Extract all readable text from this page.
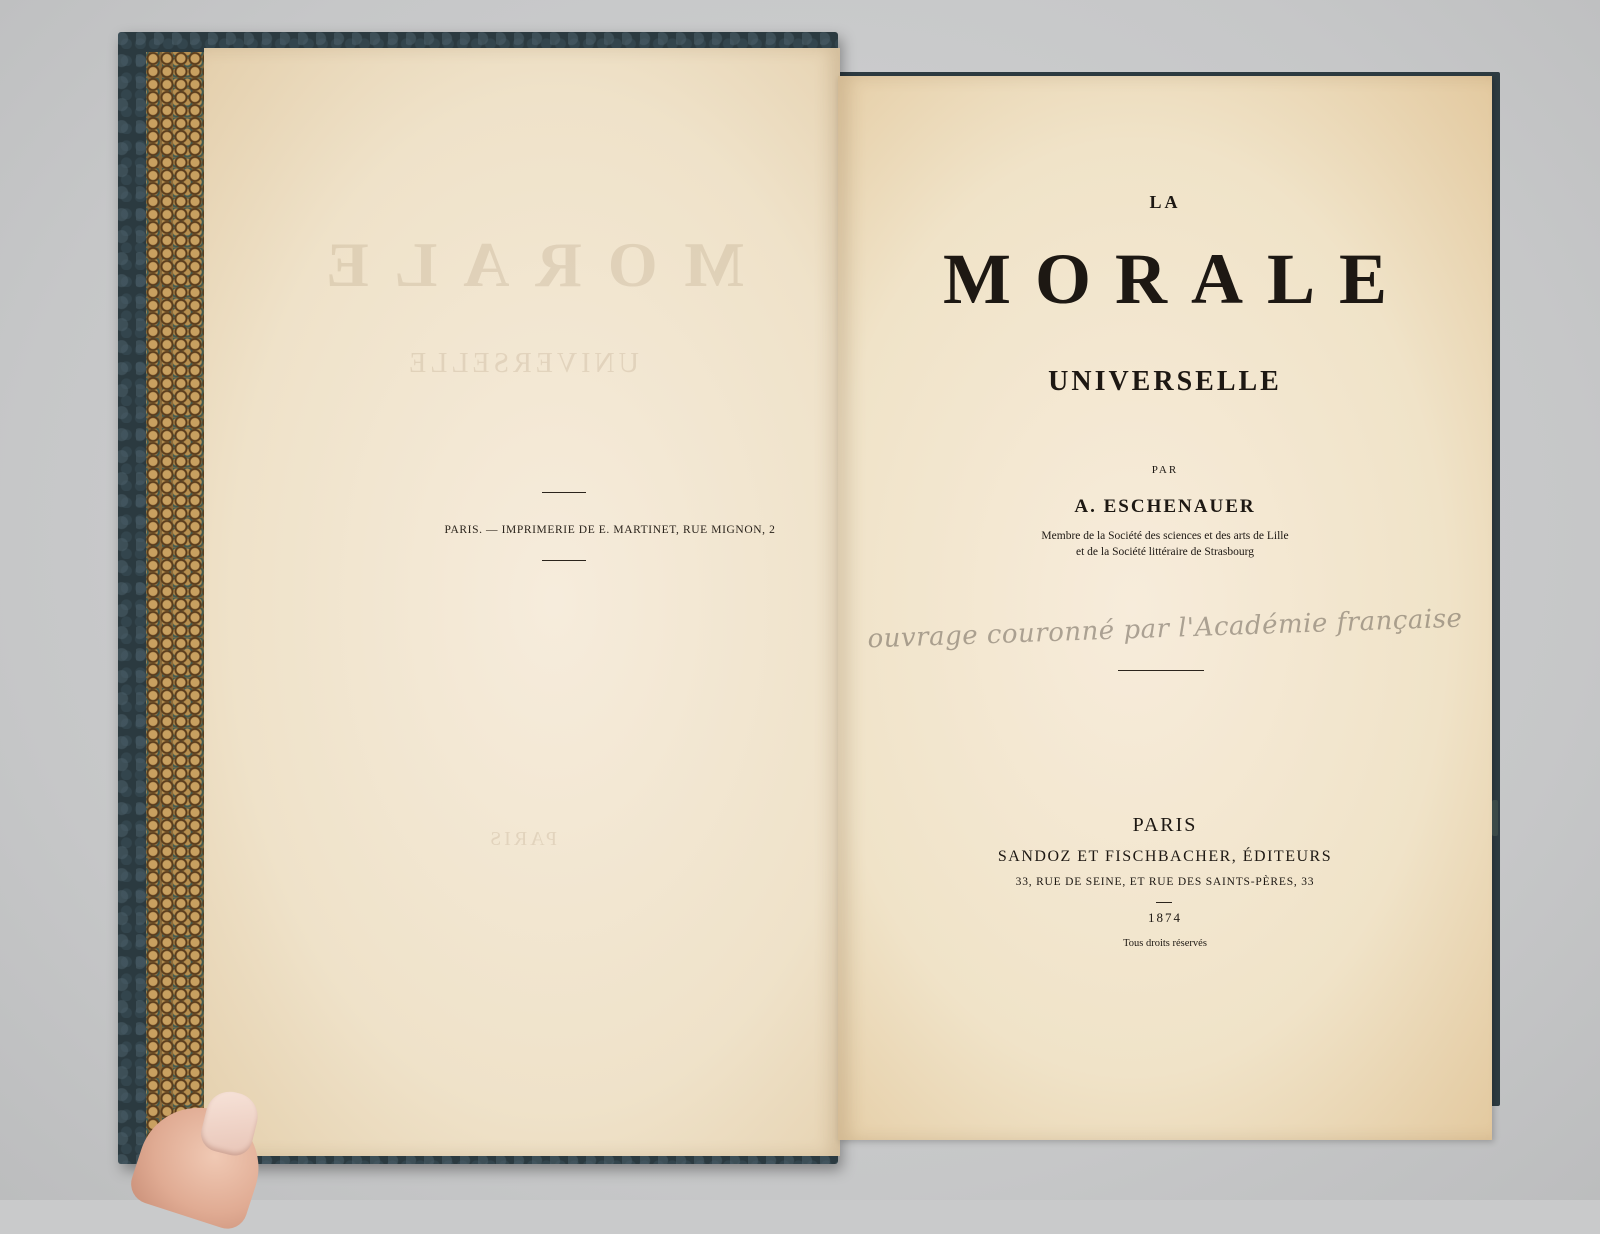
MORALE
UNIVERSELLE
PARIS
PARIS. — IMPRIMERIE DE E. MARTINET, RUE MIGNON, 2
LA
MORALE
UNIVERSELLE
PAR
A. ESCHENAUER
Membre de la Société des sciences et des arts de Lille
et de la Société littéraire de Strasbourg
ouvrage couronné par l'Académie française
PARIS
SANDOZ ET FISCHBACHER, ÉDITEURS
33, RUE DE SEINE, ET RUE DES SAINTS-PÈRES, 33
1874
Tous droits réservés
